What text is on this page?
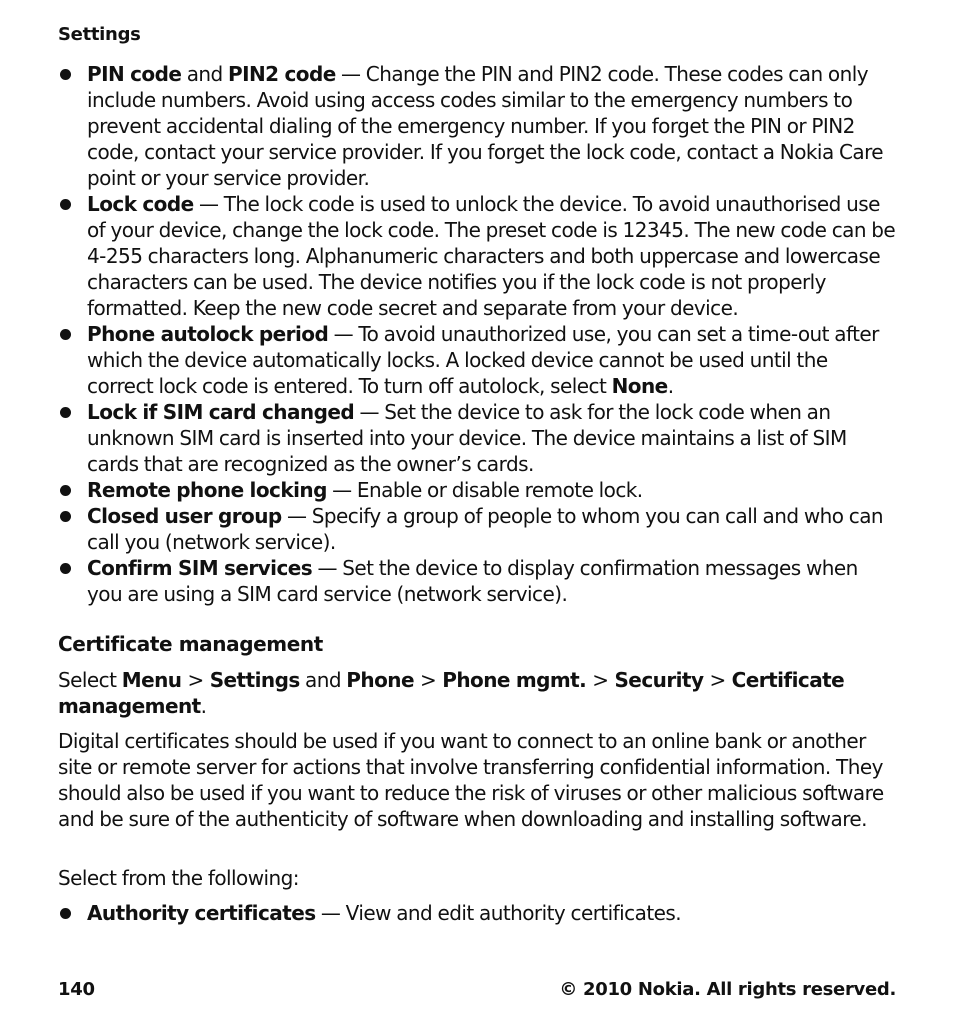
Settings
PIN code and PIN2 code — Change the PIN and PIN2 code. These codes can only include numbers. Avoid using access codes similar to the emergency numbers to prevent accidental dialing of the emergency number. If you forget the PIN or PIN2 code, contact your service provider. If you forget the lock code, contact a Nokia Care point or your service provider.
Lock code — The lock code is used to unlock the device. To avoid unauthorised use of your device, change the lock code. The preset code is 12345. The new code can be 4-255 characters long. Alphanumeric characters and both uppercase and lowercase characters can be used. The device notifies you if the lock code is not properly formatted. Keep the new code secret and separate from your device.
Phone autolock period — To avoid unauthorized use, you can set a time-out after which the device automatically locks. A locked device cannot be used until the correct lock code is entered. To turn off autolock, select None.
Lock if SIM card changed — Set the device to ask for the lock code when an unknown SIM card is inserted into your device. The device maintains a list of SIM cards that are recognized as the owner’s cards.
Remote phone locking — Enable or disable remote lock.
Closed user group — Specify a group of people to whom you can call and who can call you (network service).
Confirm SIM services — Set the device to display confirmation messages when you are using a SIM card service (network service).
Certificate management

Select Menu > Settings and Phone > Phone mgmt. > Security > Certificate management.

Digital certificates should be used if you want to connect to an online bank or another site or remote server for actions that involve transferring confidential information. They should also be used if you want to reduce the risk of viruses or other malicious software and be sure of the authenticity of software when downloading and installing software.

Select from the following:

Authority certificates — View and edit authority certificates.
140	© 2010 Nokia. All rights reserved.
